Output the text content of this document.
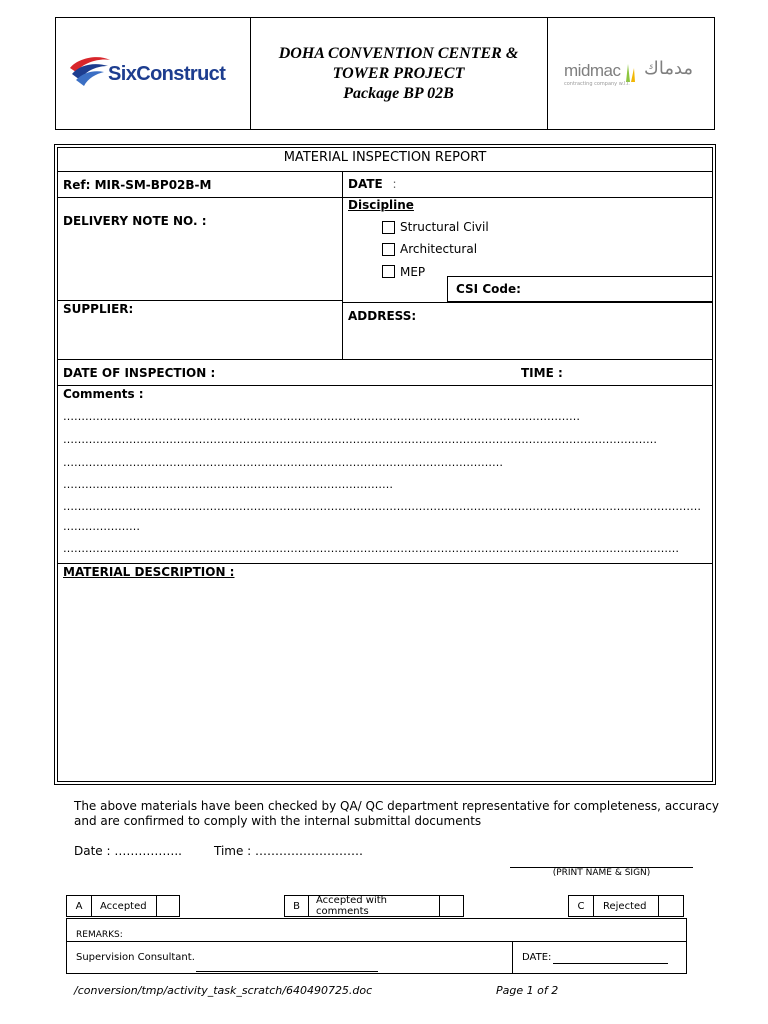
SixConstruct
DOHA CONVENTION CENTER &
TOWER PROJECT
Package BP 02B
midmac مدماك
contracting company w.l.l.
MATERIAL INSPECTION REPORT
Ref: MIR-SM-BP02B-M	DATE :
DELIVERY NOTE NO. :
Discipline
Structural Civil
Architectural
MEP
CSI Code:
SUPPLIER:	ADDRESS:
DATE OF INSPECTION :	TIME :
Comments :
……………………………………………………………………………………………………………………………
………………………………………………………………………………………………………………………………………………
…………………………………………………………………………………………………………
………………………………………………………………………………
…………………………………………………………………………………………………………………………………………………………
…………………
……………………………………………………………………………………………………………………………………………………
MATERIAL DESCRIPTION :
The above materials have been checked by QA/ QC department representative for completeness, accuracy
and are confirmed to comply with the internal submittal documents
Date : ……………..	Time : ………………………
(PRINT NAME & SIGN)
A Accepted	B Accepted with comments	C Rejected
REMARKS:
Supervision Consultant.	DATE:
/conversion/tmp/activity_task_scratch/640490725.doc	Page 1 of 2
